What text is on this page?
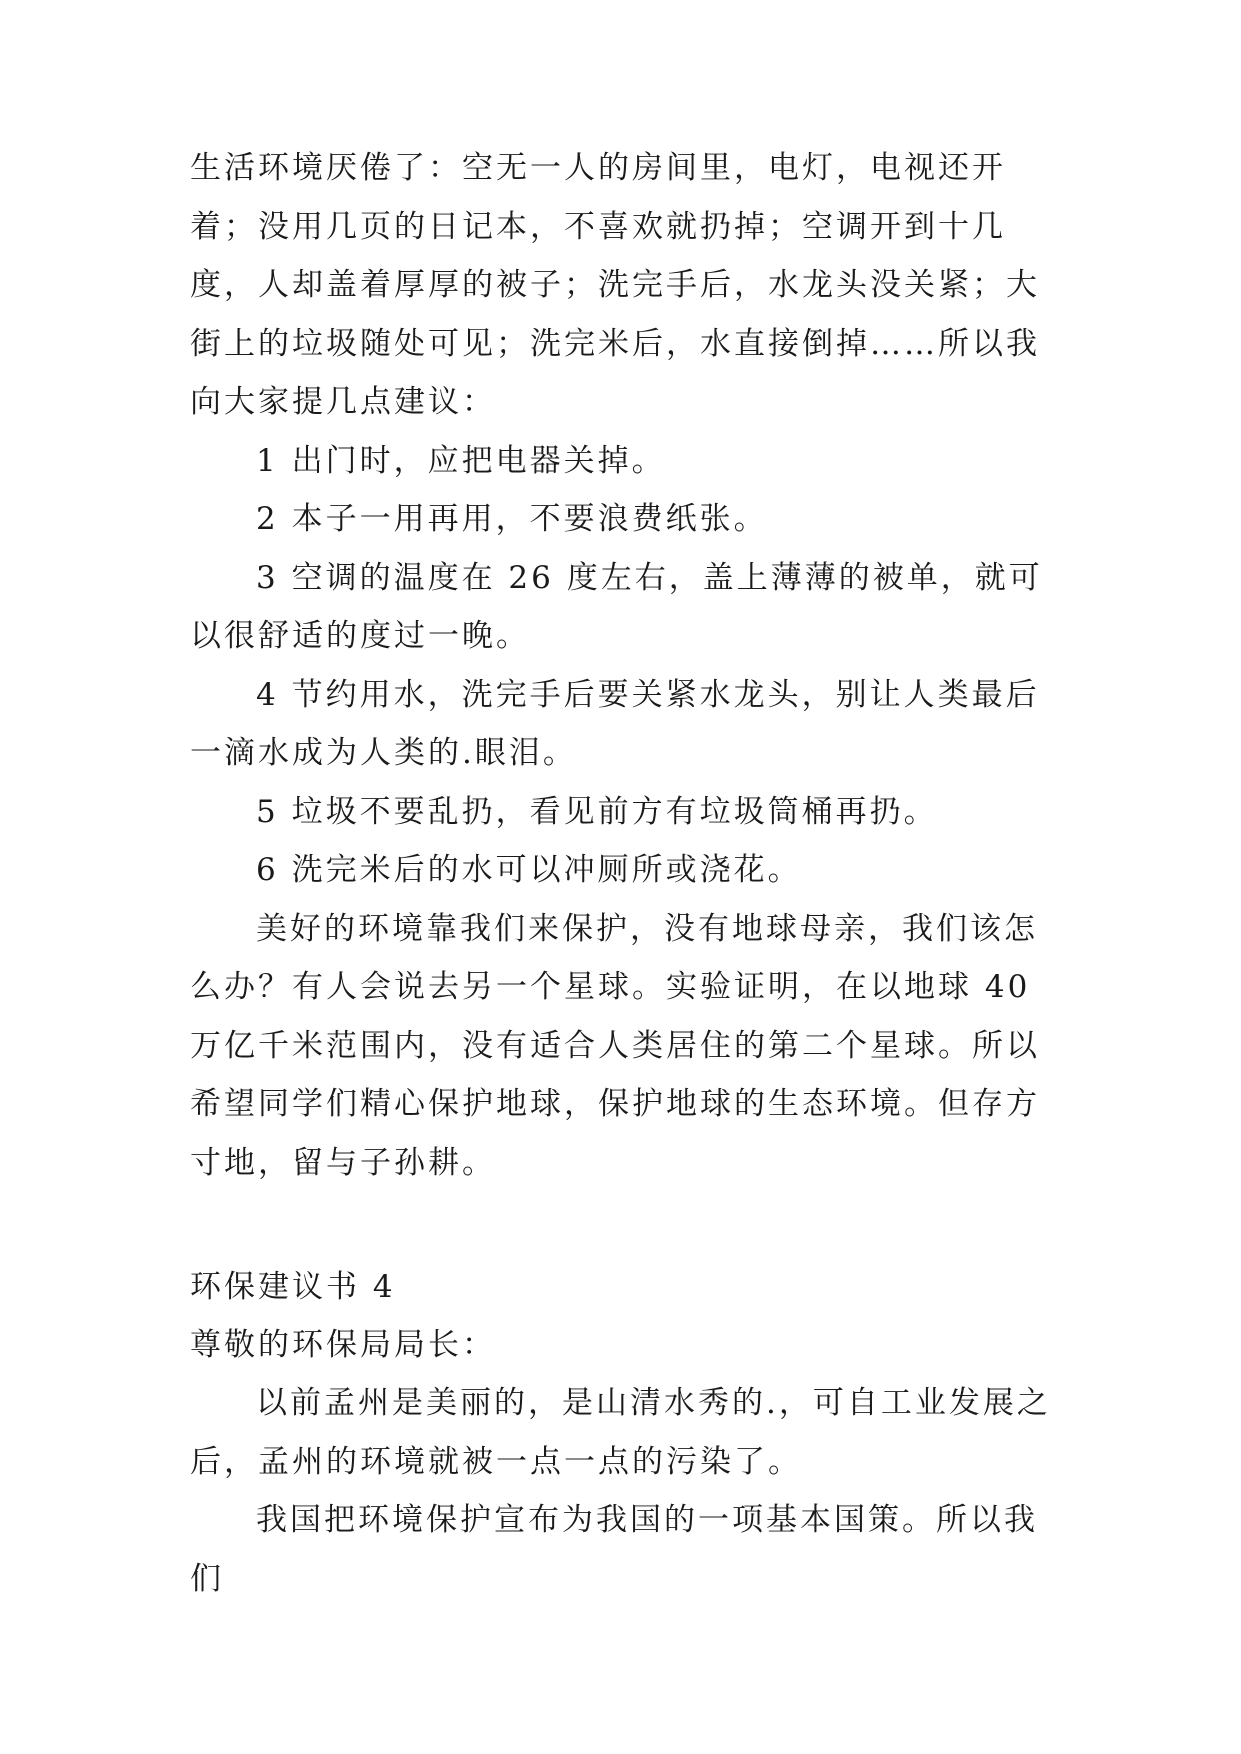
生活环境厌倦了：空无一人的房间里，电灯，电视还开着；没用几页的日记本，不喜欢就扔掉；空调开到十几度，人却盖着厚厚的被子；洗完手后，水龙头没关紧；大街上的垃圾随处可见；洗完米后，水直接倒掉……所以我向大家提几点建议：

1 出门时，应把电器关掉。

2 本子一用再用，不要浪费纸张。

3 空调的温度在 26 度左右，盖上薄薄的被单，就可以很舒适的度过一晚。

4 节约用水，洗完手后要关紧水龙头，别让人类最后一滴水成为人类的.眼泪。

5 垃圾不要乱扔，看见前方有垃圾筒桶再扔。

6 洗完米后的水可以冲厕所或浇花。

美好的环境靠我们来保护，没有地球母亲，我们该怎么办？有人会说去另一个星球。实验证明，在以地球 40 万亿千米范围内，没有适合人类居住的第二个星球。所以希望同学们精心保护地球，保护地球的生态环境。但存方寸地，留与子孙耕。

环保建议书 4
尊敬的环保局局长：

以前孟州是美丽的，是山清水秀的.，可自工业发展之后，孟州的环境就被一点一点的污染了。

我国把环境保护宣布为我国的一项基本国策。所以我们
